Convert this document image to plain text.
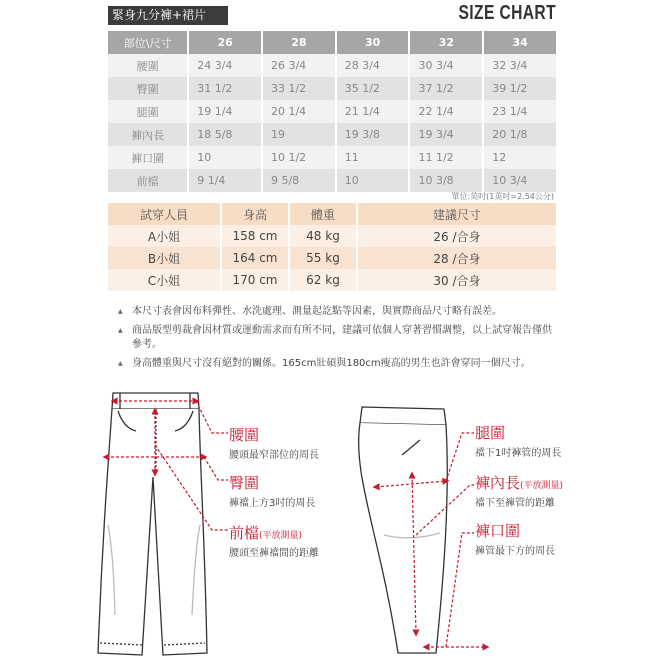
緊身九分褲+裙片	SIZE CHART
部位\尺寸	26	28	30	32	34
腰圍	24 3/4	26 3/4	28 3/4	30 3/4	32 3/4
臀圍	31 1/2	33 1/2	35 1/2	37 1/2	39 1/2
腿圍	19 1/4	20 1/4	21 1/4	22 1/4	23 1/4
褲內長	18 5/8	19	19 3/8	19 3/4	20 1/8
褲口圍	10	10 1/2	11	11 1/2	12
前檔	9 1/4	9 5/8	10	10 3/8	10 3/4
單位:英吋(1英吋=2.54公分)
試穿人員	身高	體重	建議尺寸
A小姐	158 cm	48 kg	26 /合身
B小姐	164 cm	55 kg	28 /合身
C小姐	170 cm	62 kg	30 /合身
▲ 本尺寸表會因布料彈性、水洗處理、測量起訖點等因素，與實際商品尺寸略有誤差。
▲ 商品版型剪裁會因材質或運動需求而有所不同，建議可依個人穿著習慣調整，以上試穿報告僅供參考。
▲ 身高體重與尺寸沒有絕對的關係。165cm壯碩與180cm瘦高的男生也許會穿同一個尺寸。
腰圍
腰頭最窄部位的周長
臀圍
褲襠上方3吋的周長
前檔(平放測量)
腰頭至褲襠間的距離
腿圍
襠下1吋褲管的周長
褲內長(平放測量)
襠下至褲管的距離
褲口圍
褲管最下方的周長
